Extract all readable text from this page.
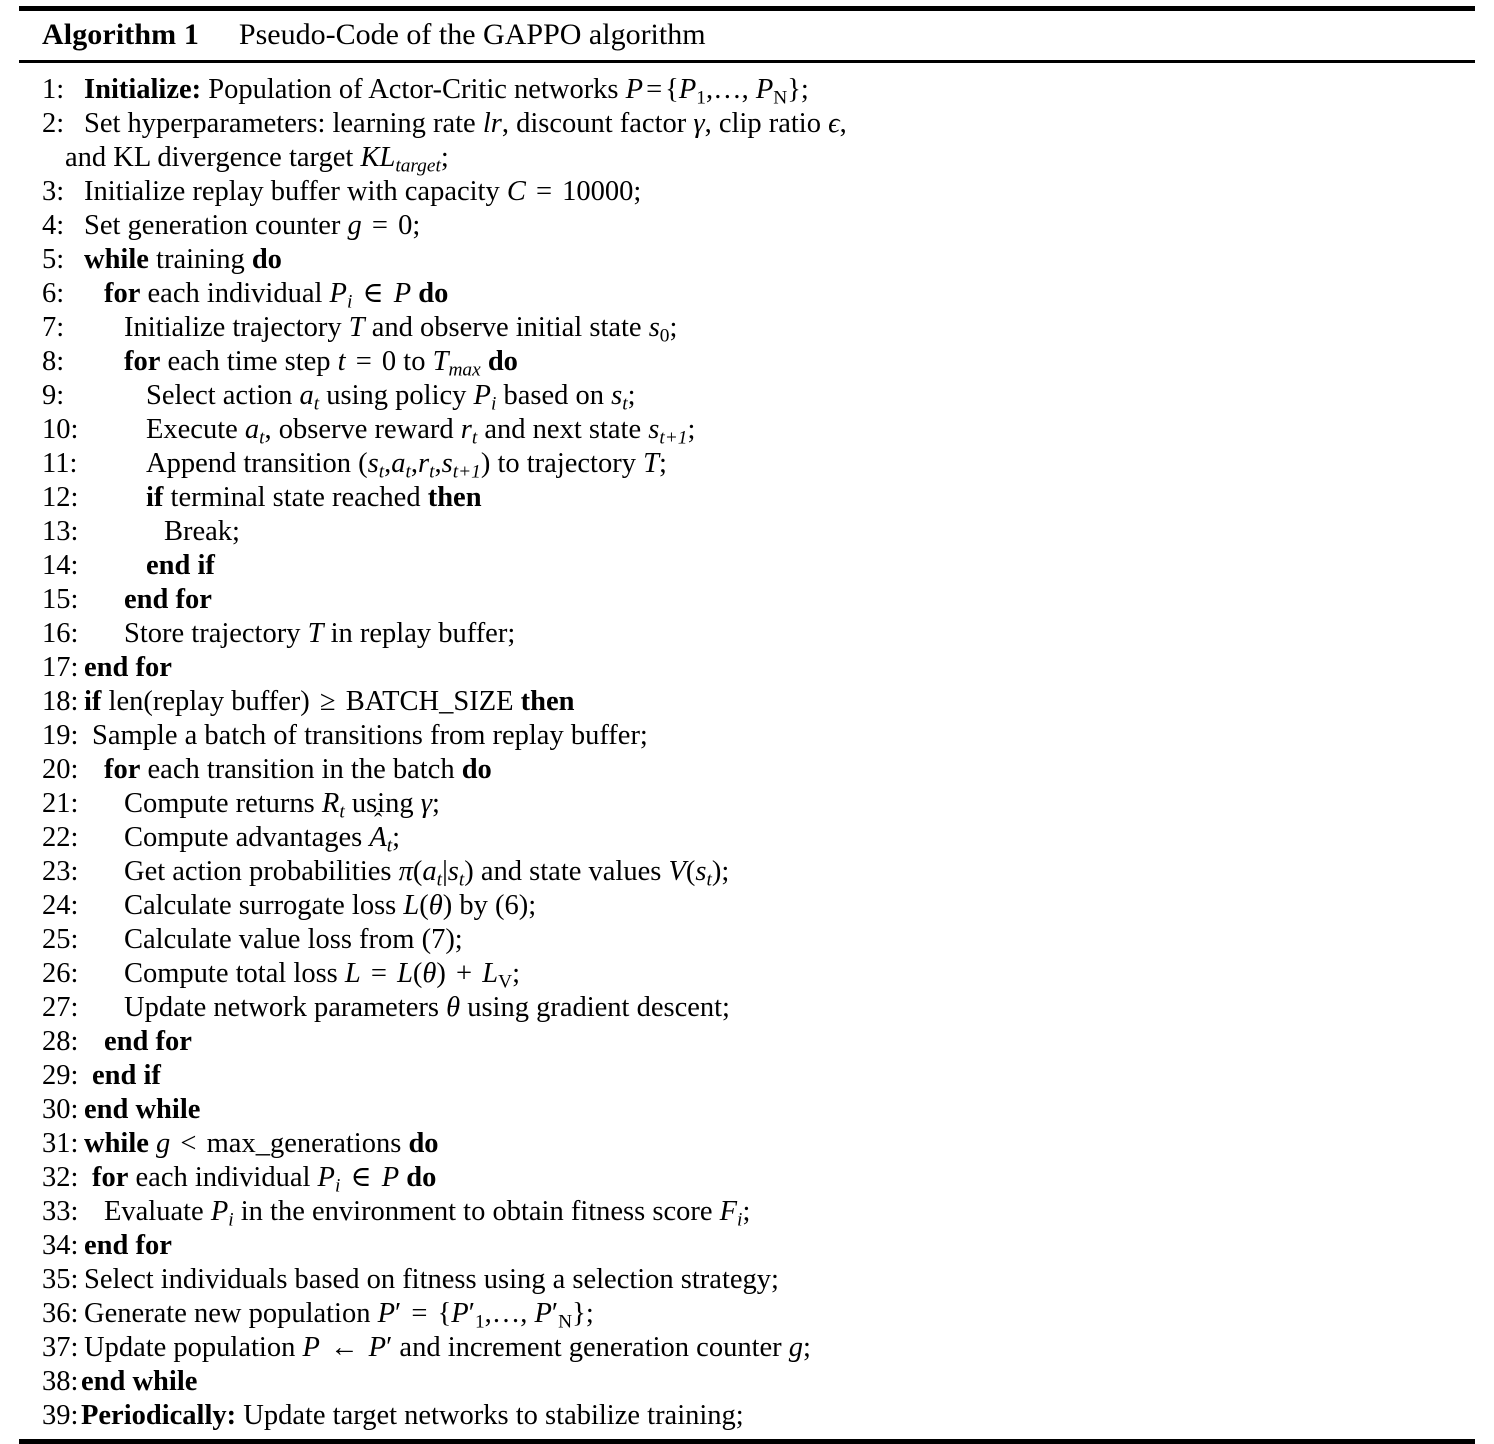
Algorithm 1 Pseudo-Code of the GAPPO algorithm
1: Initialize: Population of Actor-Critic networks $P = \{P_1,\dots$, $P_N$};
2: Set hyperparameters: learning rate lr, discount factor γ, clip ratio ϵ,
and KL divergence target $KL_{target}$;
3: Initialize replay buffer with capacity C = 10000;
4: Set generation counter g = 0;
5: while training do
6:	for each individual $P_i$ ∈ P do
7:	Initialize trajectory T and observe initial state $s_0$;
8:	for each time step t = 0 to $T_{max}$ do
9:	Select action $a_t$ using policy $P_i$ based on $s_t$;
10:	Execute $a_t$, observe reward $r_t$ and next state $s_{t+1}$;
11:	Append transition $(s_t,a_t,r_t,s_{t+1})$ to trajectory T;
12:	if terminal state reached then
13:	Break;
14:	end if
15:	end for
16:	Store trajectory T in replay buffer;
17: end for
18: if len(replay buffer) ≥ BATCH_SIZE then
19: Sample a batch of transitions from replay buffer;
20: for each transition in the batch do
21:	Compute returns $R_t$ using γ;
22:	Compute advantages
$A_t$;
23:	Get action probabilities $\pi(a_t|s_t)$ and state values $V(s_t)$;
24:	Calculate surrogate loss L(θ) by (6);
25:	Calculate value loss from (7);
26:	Compute total loss $L = L(\theta) + L_V$;
27:	Update network parameters θ using gradient descent;
28: end for
29: end if
30: end while
31: while g < max_generations do
32: for each individual $P_i$ ∈ P do
33: Evaluate $P_i$ in the environment to obtain fitness score $F_i$;
34: end for
35: Select individuals based on fitness using a selection strategy;
36: Generate new population $P' = \{P'_1,\dots$, $P'_N$};
37: Update population P ← P′ and increment generation counter g;
38: end while
39: Periodically: Update target networks to stabilize training;
